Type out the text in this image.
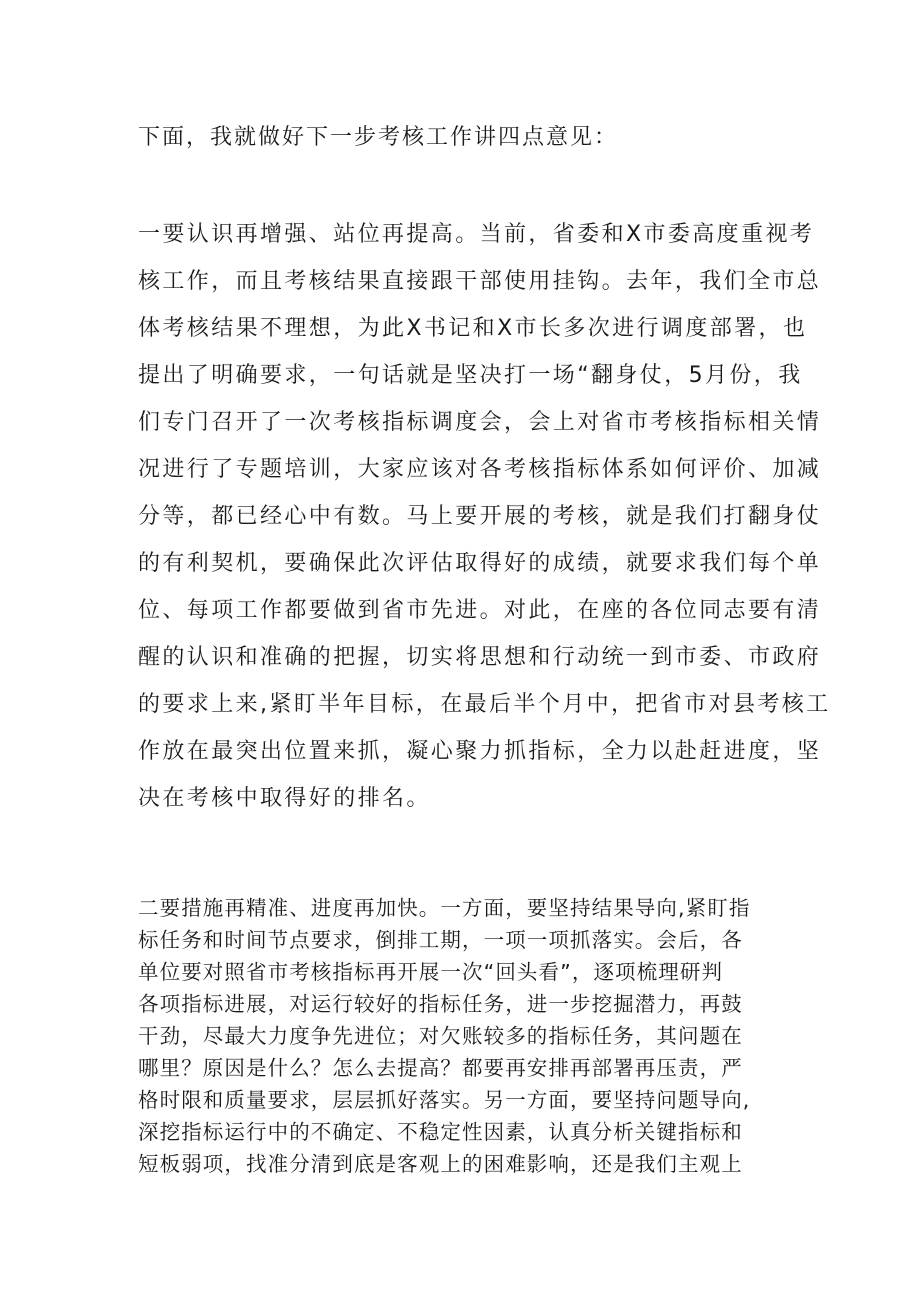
下面，我就做好下一步考核工作讲四点意见：

一要认识再增强、站位再提高。当前，省委和X市委高度重视考
核工作，而且考核结果直接跟干部使用挂钩。去年，我们全市总
体考核结果不理想，为此X书记和X市长多次进行调度部署，也
提出了明确要求，一句话就是坚决打一场“翻身仗，5月份，我
们专门召开了一次考核指标调度会，会上对省市考核指标相关情
况进行了专题培训，大家应该对各考核指标体系如何评价、加减
分等，都已经心中有数。马上要开展的考核，就是我们打翻身仗
的有利契机，要确保此次评估取得好的成绩，就要求我们每个单
位、每项工作都要做到省市先进。对此，在座的各位同志要有清
醒的认识和准确的把握，切实将思想和行动统一到市委、市政府
的要求上来,紧盯半年目标，在最后半个月中，把省市对县考核工
作放在最突出位置来抓，凝心聚力抓指标，全力以赴赶进度，坚
决在考核中取得好的排名。
二要措施再精准、进度再加快。一方面，要坚持结果导向,紧盯指
标任务和时间节点要求，倒排工期，一项一项抓落实。会后，各
单位要对照省市考核指标再开展一次“回头看”，逐项梳理研判
各项指标进展，对运行较好的指标任务，进一步挖掘潜力，再鼓
干劲，尽最大力度争先进位；对欠账较多的指标任务，其问题在
哪里？原因是什么？怎么去提高？都要再安排再部署再压责，严
格时限和质量要求，层层抓好落实。另一方面，要坚持问题导向,
深挖指标运行中的不确定、不稳定性因素，认真分析关键指标和
短板弱项，找准分清到底是客观上的困难影响，还是我们主观上
